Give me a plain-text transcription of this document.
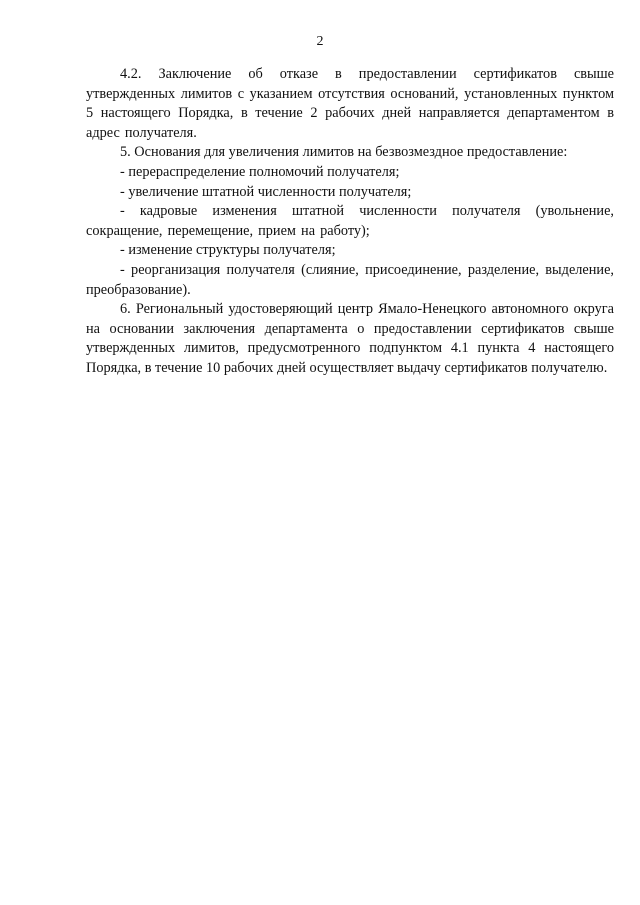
2

4.2. Заключение об отказе в предоставлении сертификатов свыше утвержденных лимитов с указанием отсутствия оснований, установленных пунктом 5 настоящего Порядка, в течение 2 рабочих дней направляется департаментом в адрес получателя.

5. Основания для увеличения лимитов на безвозмездное предоставление:

- перераспределение полномочий получателя;

- увеличение штатной численности получателя;

- кадровые изменения штатной численности получателя (увольнение, сокращение, перемещение, прием на работу);

- изменение структуры получателя;

- реорганизация получателя (слияние, присоединение, разделение, выделение, преобразование).

6. Региональный удостоверяющий центр Ямало-Ненецкого автономного округа на основании заключения департамента о предоставлении сертификатов свыше утвержденных лимитов, предусмотренного подпунктом 4.1 пункта 4 настоящего Порядка, в течение 10 рабочих дней осуществляет выдачу сертификатов получателю.
